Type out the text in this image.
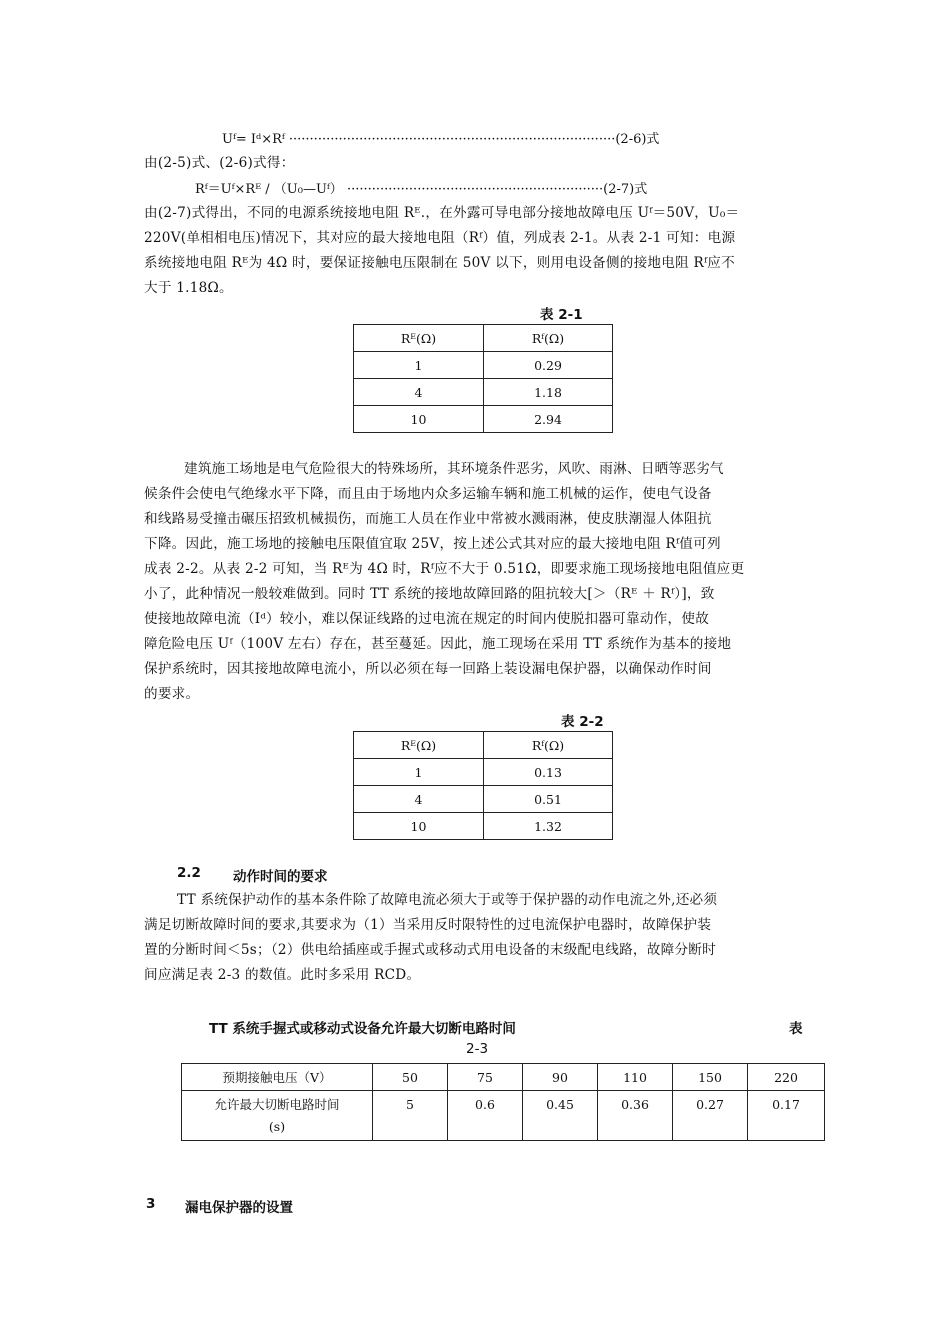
Uᶠ= Iᵈ×Rᶠ ···············································································(2-6)式
由(2-5)式、(2-6)式得：
Rᶠ＝Uᶠ×Rᴱ / （U₀—Uᶠ） ······························································(2-7)式
由(2-7)式得出，不同的电源系统接地电阻 Rᴱ.，在外露可导电部分接地故障电压 Uᶠ＝50V，U₀＝
220V(单相相电压)情况下，其对应的最大接地电阻（Rᶠ）值，列成表 2-1。从表 2-1 可知：电源
系统接地电阻 Rᴱ为 4Ω 时，要保证接触电压限制在 50V 以下，则用电设备侧的接地电阻 Rᶠ应不
大于 1.18Ω。
表 2-1
Rᴱ(Ω)	Rᶠ(Ω)
1	0.29
4	1.18
10	2.94
建筑施工场地是电气危险很大的特殊场所，其环境条件恶劣，风吹、雨淋、日晒等恶劣气
候条件会使电气绝缘水平下降，而且由于场地内众多运输车辆和施工机械的运作，使电气设备
和线路易受撞击碾压招致机械损伤，而施工人员在作业中常被水溅雨淋，使皮肤潮湿人体阻抗
下降。因此，施工场地的接触电压限值宜取 25V，按上述公式其对应的最大接地电阻 Rᶠ值可列
成表 2-2。从表 2-2 可知，当 Rᴱ为 4Ω 时，Rᶠ应不大于 0.51Ω，即要求施工现场接地电阻值应更
小了，此种情况一般较难做到。同时 TT 系统的接地故障回路的阻抗较大[＞（Rᴱ ＋ Rᶠ）]，致
使接地故障电流（Iᵈ）较小，难以保证线路的过电流在规定的时间内使脱扣器可靠动作，使故
障危险电压 Uᶠ（100V 左右）存在，甚至蔓延。因此，施工现场在采用 TT 系统作为基本的接地
保护系统时，因其接地故障电流小，所以必须在每一回路上装设漏电保护器，以确保动作时间
的要求。
表 2-2
Rᴱ(Ω)	Rᶠ(Ω)
1	0.13
4	0.51
10	1.32
2.2 动作时间的要求
TT 系统保护动作的基本条件除了故障电流必须大于或等于保护器的动作电流之外,还必须
满足切断故障时间的要求,其要求为（1）当采用反时限特性的过电流保护电器时，故障保护装
置的分断时间＜5s；（2）供电给插座或手握式或移动式用电设备的末级配电线路，故障分断时
间应满足表 2-3 的数值。此时多采用 RCD。
TT 系统手握式或移动式设备允许最大切断电路时间	表
2-3
预期接触电压（V）	50	75	90	110	150	220

允许最大切断电路时间
(s)	5	0.6	0.45	0.36	0.27	0.17
3 漏电保护器的设置
